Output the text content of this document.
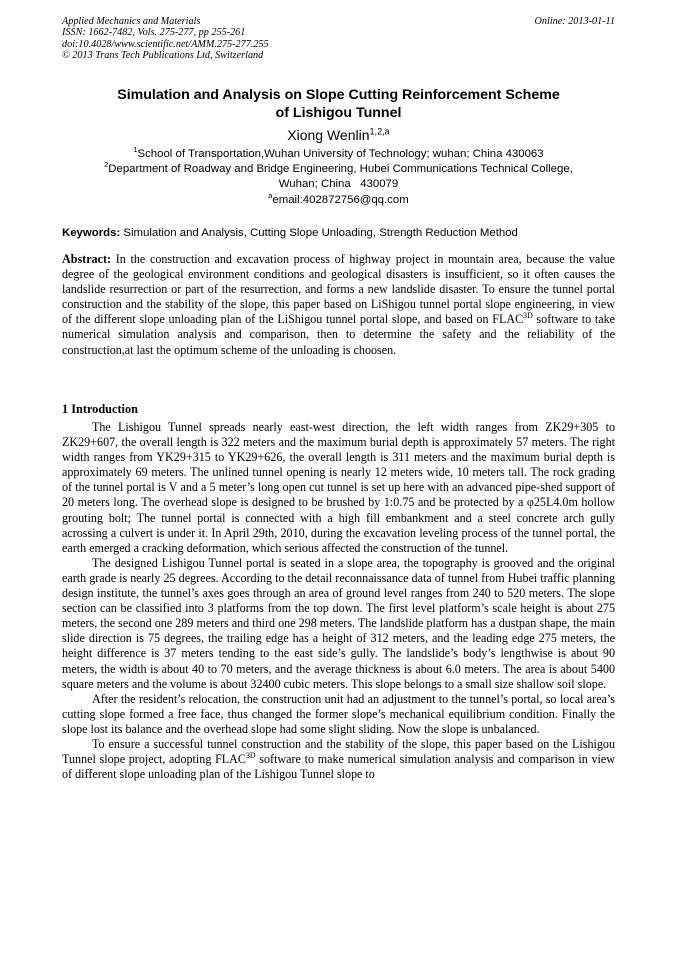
Applied Mechanics and Materials
ISSN: 1662-7482, Vols. 275-277, pp 255-261
doi:10.4028/www.scientific.net/AMM.275-277.255
© 2013 Trans Tech Publications Ltd, Switzerland
Online: 2013-01-11
Simulation and Analysis on Slope Cutting Reinforcement Scheme
of Lishigou Tunnel
Xiong Wenlin$^{1,2,a}$
$^1$School of Transportation,Wuhan University of Technology; wuhan; China 430063
$^2$Department of Roadway and Bridge Engineering, Hubei Communications Technical College,
Wuhan; China   430079
$^a$email:402872756@qq.com
Keywords: Simulation and Analysis, Cutting Slope Unloading, Strength Reduction Method

Abstract: In the construction and excavation process of highway project in mountain area, because the value degree of the geological environment conditions and geological disasters is insufficient, so it often causes the landslide resurrection or part of the resurrection, and forms a new landslide disaster. To ensure the tunnel portal construction and the stability of the slope, this paper based on LiShigou tunnel portal slope engineering, in view of the different slope unloading plan of the LiShigou tunnel portal slope, and based on $FLAC^{3D}$ software to take numerical simulation analysis and comparison, then to determine the safety and the reliability of the construction,at last the optimum scheme of the unloading is choosen.

1 Introduction

The Lishigou Tunnel spreads nearly east-west direction, the left width ranges from ZK29+305 to ZK29+607, the overall length is 322 meters and the maximum burial depth is approximately 57 meters. The right width ranges from YK29+315 to YK29+626, the overall length is 311 meters and the maximum burial depth is approximately 69 meters. The unlined tunnel opening is nearly 12 meters wide, 10 meters tall. The rock grading of the tunnel portal is V and a 5 meter’s long open cut tunnel is set up here with an advanced pipe-shed support of 20 meters long. The overhead slope is designed to be brushed by 1:0.75 and be protected by a φ25L4.0m hollow grouting bolt; The tunnel portal is connected with a high fill embankment and a steel concrete arch gully acrossing a culvert is under it. In April 29th, 2010, during the excavation leveling process of the tunnel portal, the earth emerged a cracking deformation, which serious affected the construction of the tunnel.

The designed Lishigou Tunnel portal is seated in a slope area, the topography is grooved and the original earth grade is nearly 25 degrees. According to the detail reconnaissance data of tunnel from Hubei traffic planning design institute, the tunnel’s axes goes through an area of ground level ranges from 240 to 520 meters. The slope section can be classified into 3 platforms from the top down. The first level platform’s scale height is about 275 meters, the second one 289 meters and third one 298 meters. The landslide platform has a dustpan shape, the main slide direction is 75 degrees, the trailing edge has a height of 312 meters, and the leading edge 275 meters, the height difference is 37 meters tending to the east side’s gully. The landslide’s body’s lengthwise is about 90 meters, the width is about 40 to 70 meters, and the average thickness is about 6.0 meters. The area is about 5400 square meters and the volume is about 32400 cubic meters. This slope belongs to a small size shallow soil slope.

After the resident’s relocation, the construction unit had an adjustment to the tunnel’s portal, so local area’s cutting slope formed a free face, thus changed the former slope’s mechanical equilibrium condition. Finally the slope lost its balance and the overhead slope had some slight sliding. Now the slope is unbalanced.

To ensure a successful tunnel construction and the stability of the slope, this paper based on the Lishigou Tunnel slope project, adopting $FLAC^{3D}$ software to make numerical simulation analysis and comparison in view of different slope unloading plan of the Lishigou Tunnel slope to
